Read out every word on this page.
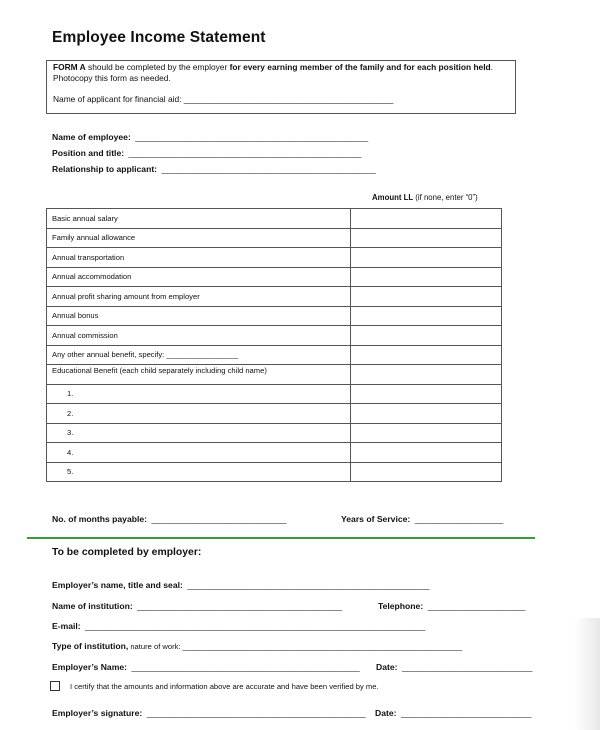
Employee Income Statement
FORM A should be completed by the employer for every earning member of the family and for each position held. Photocopy this form as needed.
Name of applicant for financial aid: _____________________________________________
Name of employee: __________________________________________________
Position and title: __________________________________________________
Relationship to applicant: ______________________________________________
Amount LL (if none, enter “0”)
Basic annual salary	
Family annual allowance	
Annual transportation	
Annual accommodation	
Annual profit sharing amount from employer	
Annual bonus	
Annual commission	
Any other annual benefit, specify: _________________	
Educational Benefit (each child separately including child name)	
1.	
2.	
3.	
4.	
5.	
No. of months payable: _____________________________	Years of Service: ___________________
To be completed by employer:
Employer’s name, title and seal: ____________________________________________________
Name of institution: ____________________________________________	Telephone: _____________________
E-mail: _________________________________________________________________________
Type of institution, nature of work: ____________________________________________________________
Employer’s Name: _________________________________________________ Date: ____________________________
I certify that the amounts and information above are accurate and have been verified by me.
Employer’s signature: _______________________________________________ Date: ____________________________
